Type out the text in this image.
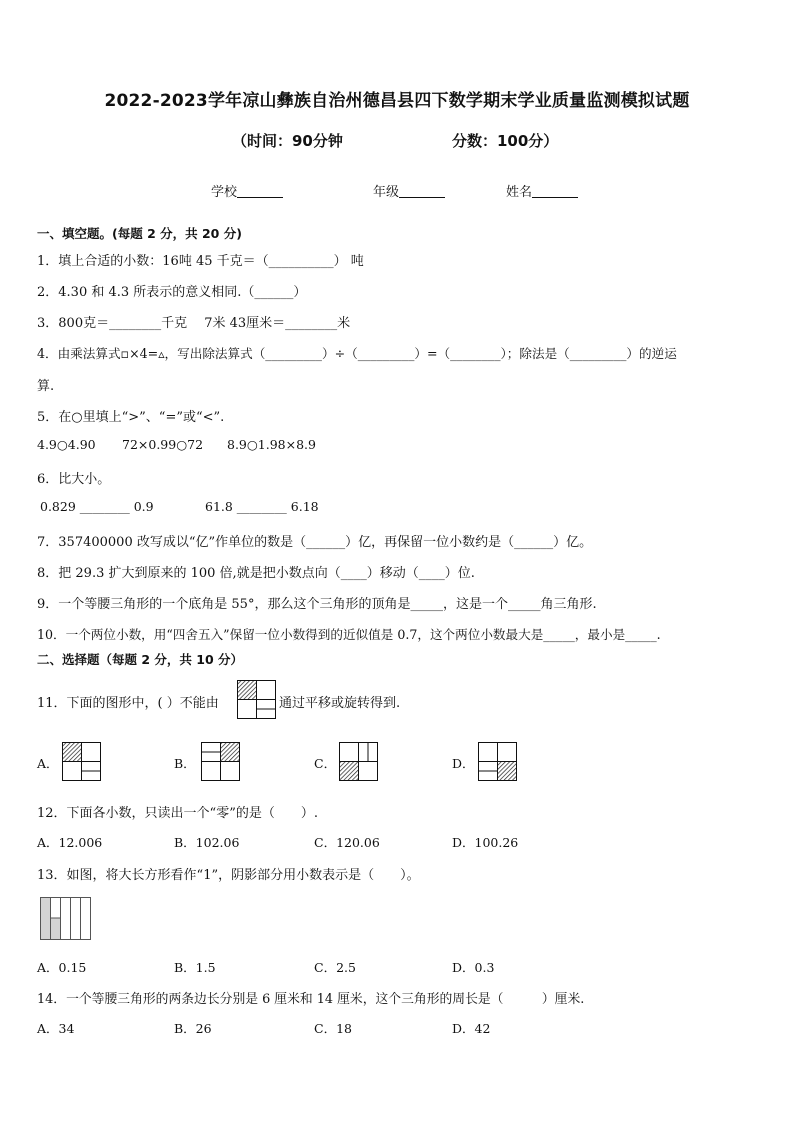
2022-2023学年凉山彝族自治州德昌县四下数学期末学业质量监测模拟试题
（时间：90分钟	分数：100分）
学校	年级	姓名
一、填空题。(每题 2 分，共 20 分)
1．填上合适的小数：16吨 45 千克＝（__________） 吨
2．4.30 和 4.3 所表示的意义相同.（______）
3．800克＝________千克 　7米 43厘米＝________米
4．由乘法算式▫×4=▵，写出除法算式（_________）÷（_________）=（________）；除法是（_________）的逆运
算.
5．在○里填上“>”、“=”或“<”.
4.9○4.90 72×0.99○72 8.9○1.98×8.9
6．比大小。
0.829 ________ 0.9	61.8 ________ 6.18
7．357400000 改写成以“亿”作单位的数是（______）亿，再保留一位小数约是（______）亿。
8．把 29.3 扩大到原来的 100 倍,就是把小数点向（____）移动（____）位.
9．一个等腰三角形的一个底角是 55°，那么这个三角形的顶角是_____，这是一个_____角三角形.
10．一个两位小数，用“四舍五入”保留一位小数得到的近似值是 0.7，这个两位小数最大是_____，最小是_____.
二、选择题（每题 2 分，共 10 分）
11．下面的图形中，( ）不能由	通过平移或旋转得到.
A．	B．	C．	D．
12．下面各小数，只读出一个“零”的是（　　）.
A．12.006	B．102.06	C．120.06	D．100.26
13．如图，将大长方形看作“1”，阴影部分用小数表示是（　　）。
A．0.15	B．1.5	C．2.5	D．0.3
14．一个等腰三角形的两条边长分别是 6 厘米和 14 厘米，这个三角形的周长是（　　　）厘米.
A．34	B．26	C．18	D．42
